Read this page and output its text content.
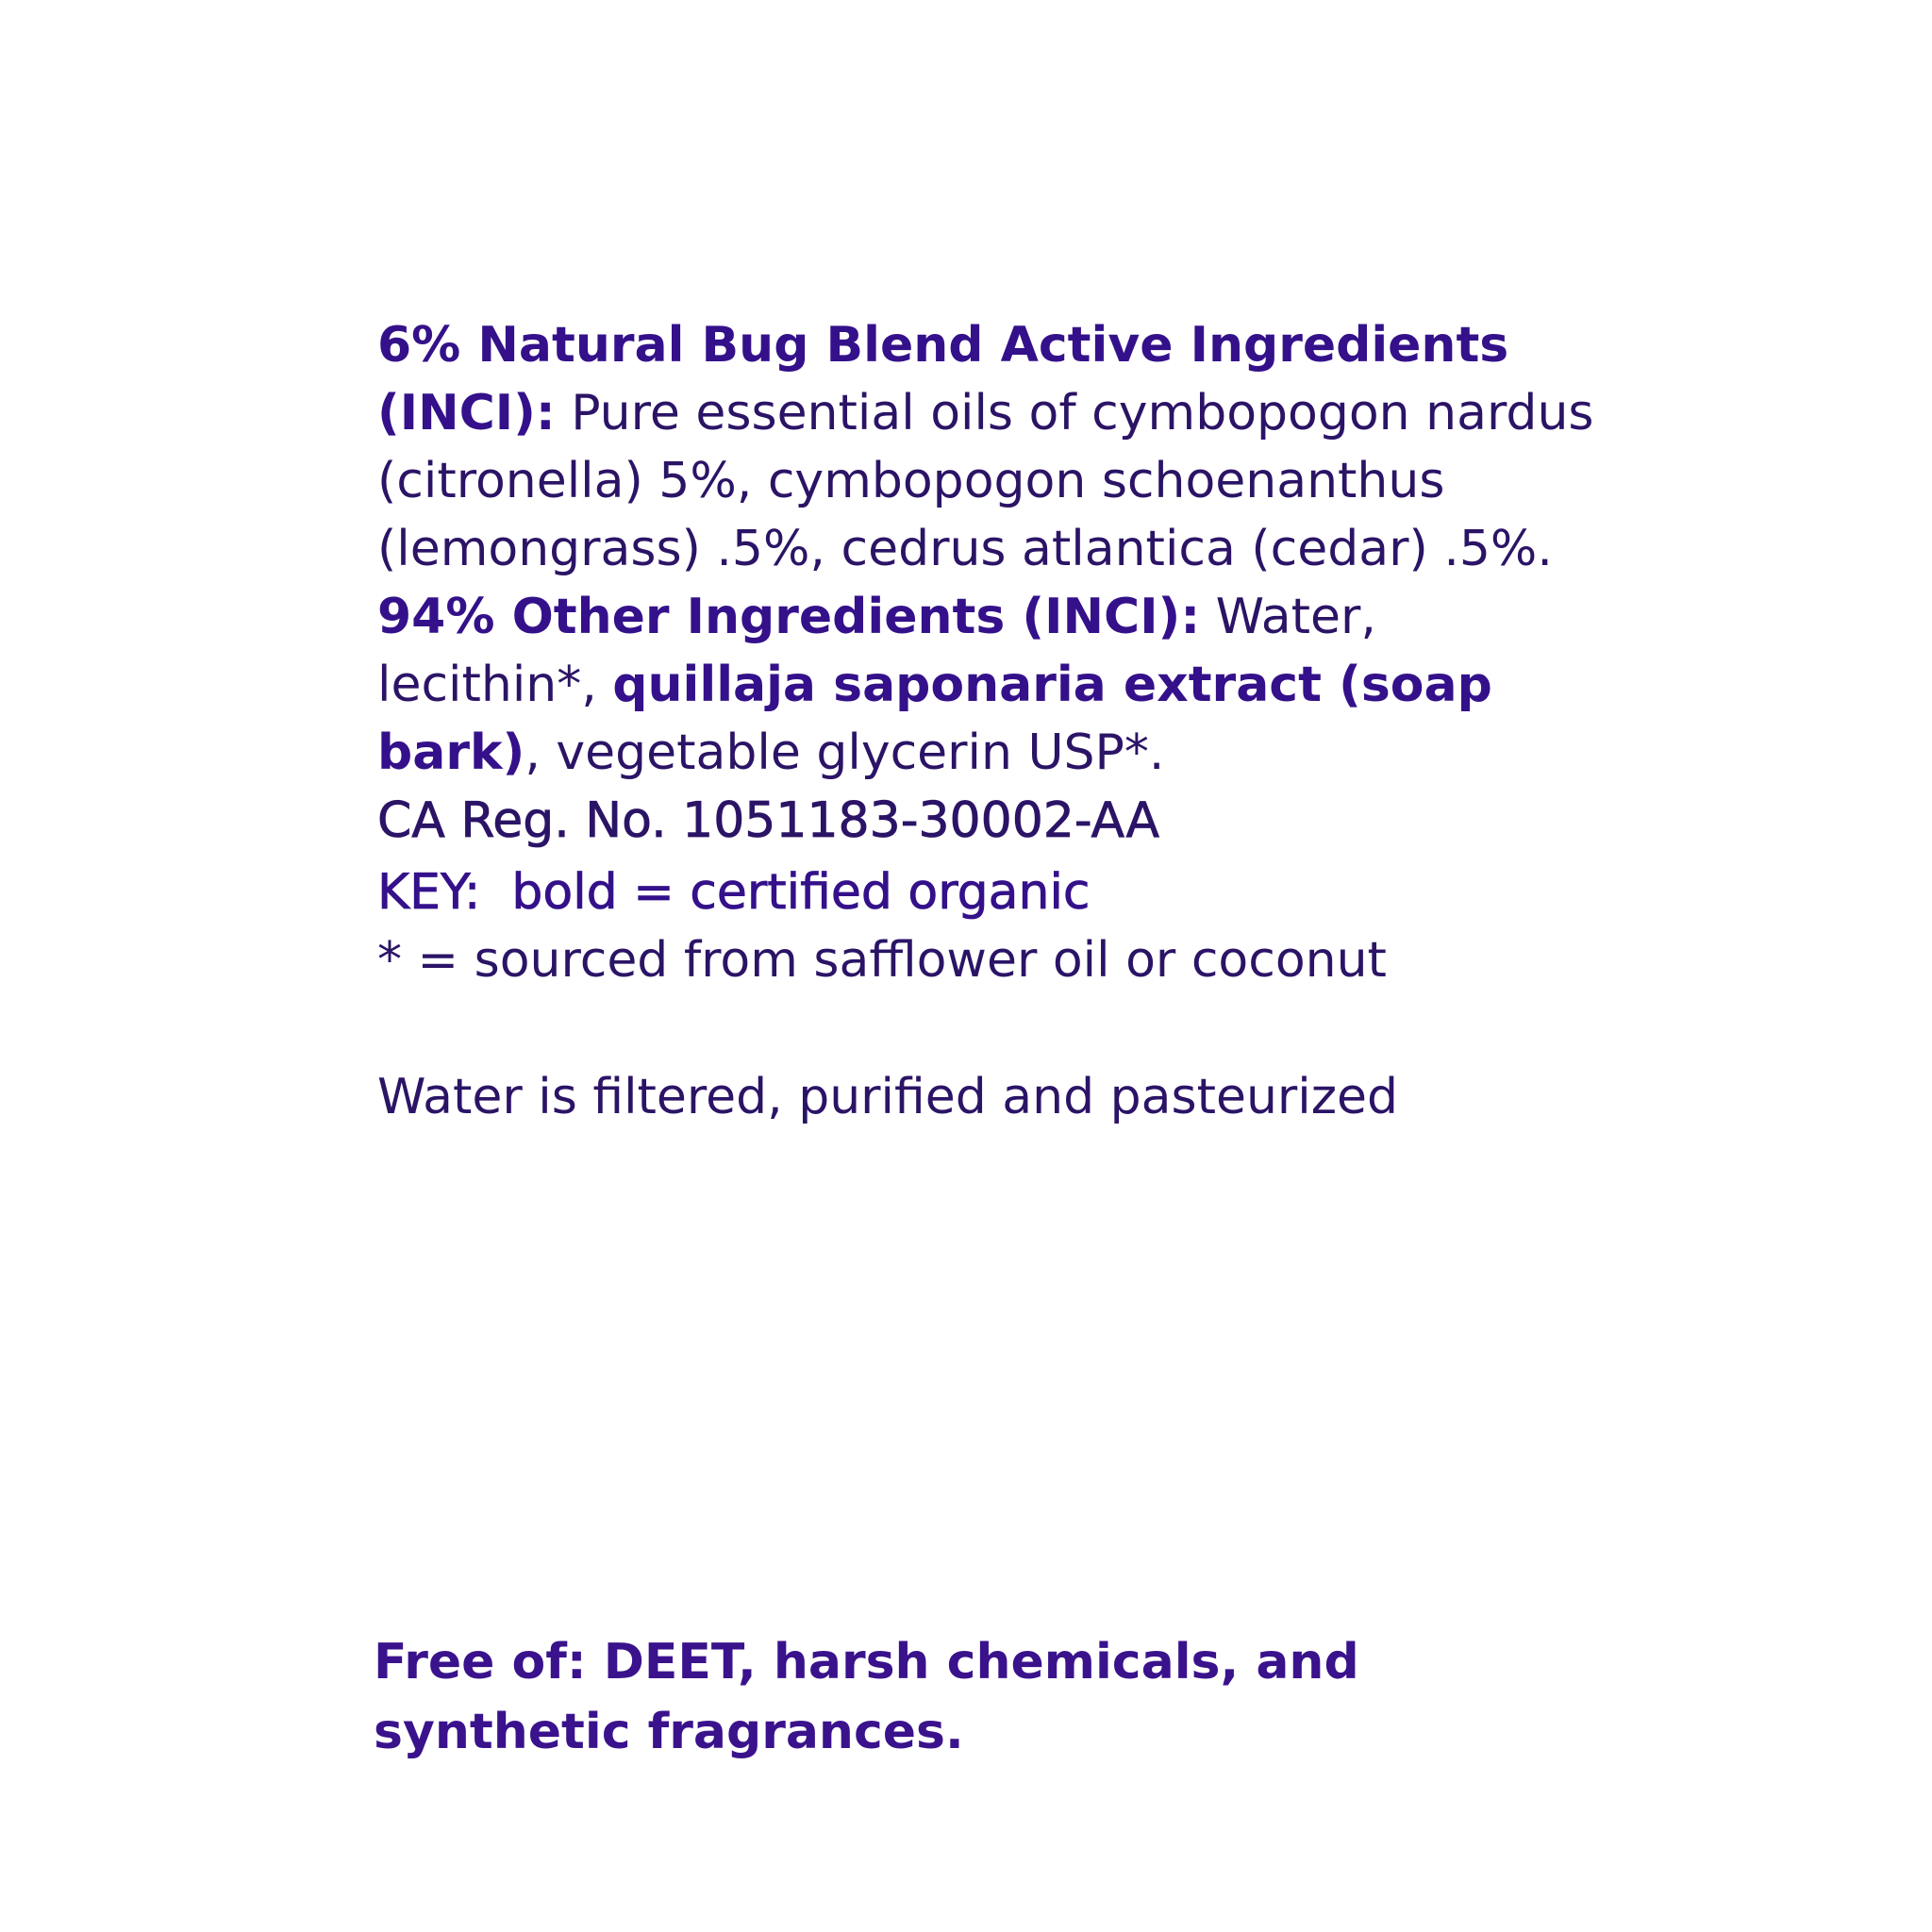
6% Natural Bug Blend Active Ingredients (INCI): Pure essential oils of cymbopogon nardus (citronella) 5%, cymbopogon schoenanthus (lemongrass) .5%, cedrus atlantica (cedar) .5%. 94% Other Ingredients (INCI): Water, lecithin*, quillaja saponaria extract (soap bark), vegetable glycerin USP*.
CA Reg. No. 1051183-30002-AA
KEY:  bold = certified organic
* = sourced from safflower oil or coconut
Water is filtered, purified and pasteurized
Free of: DEET, harsh chemicals, and synthetic fragrances.
